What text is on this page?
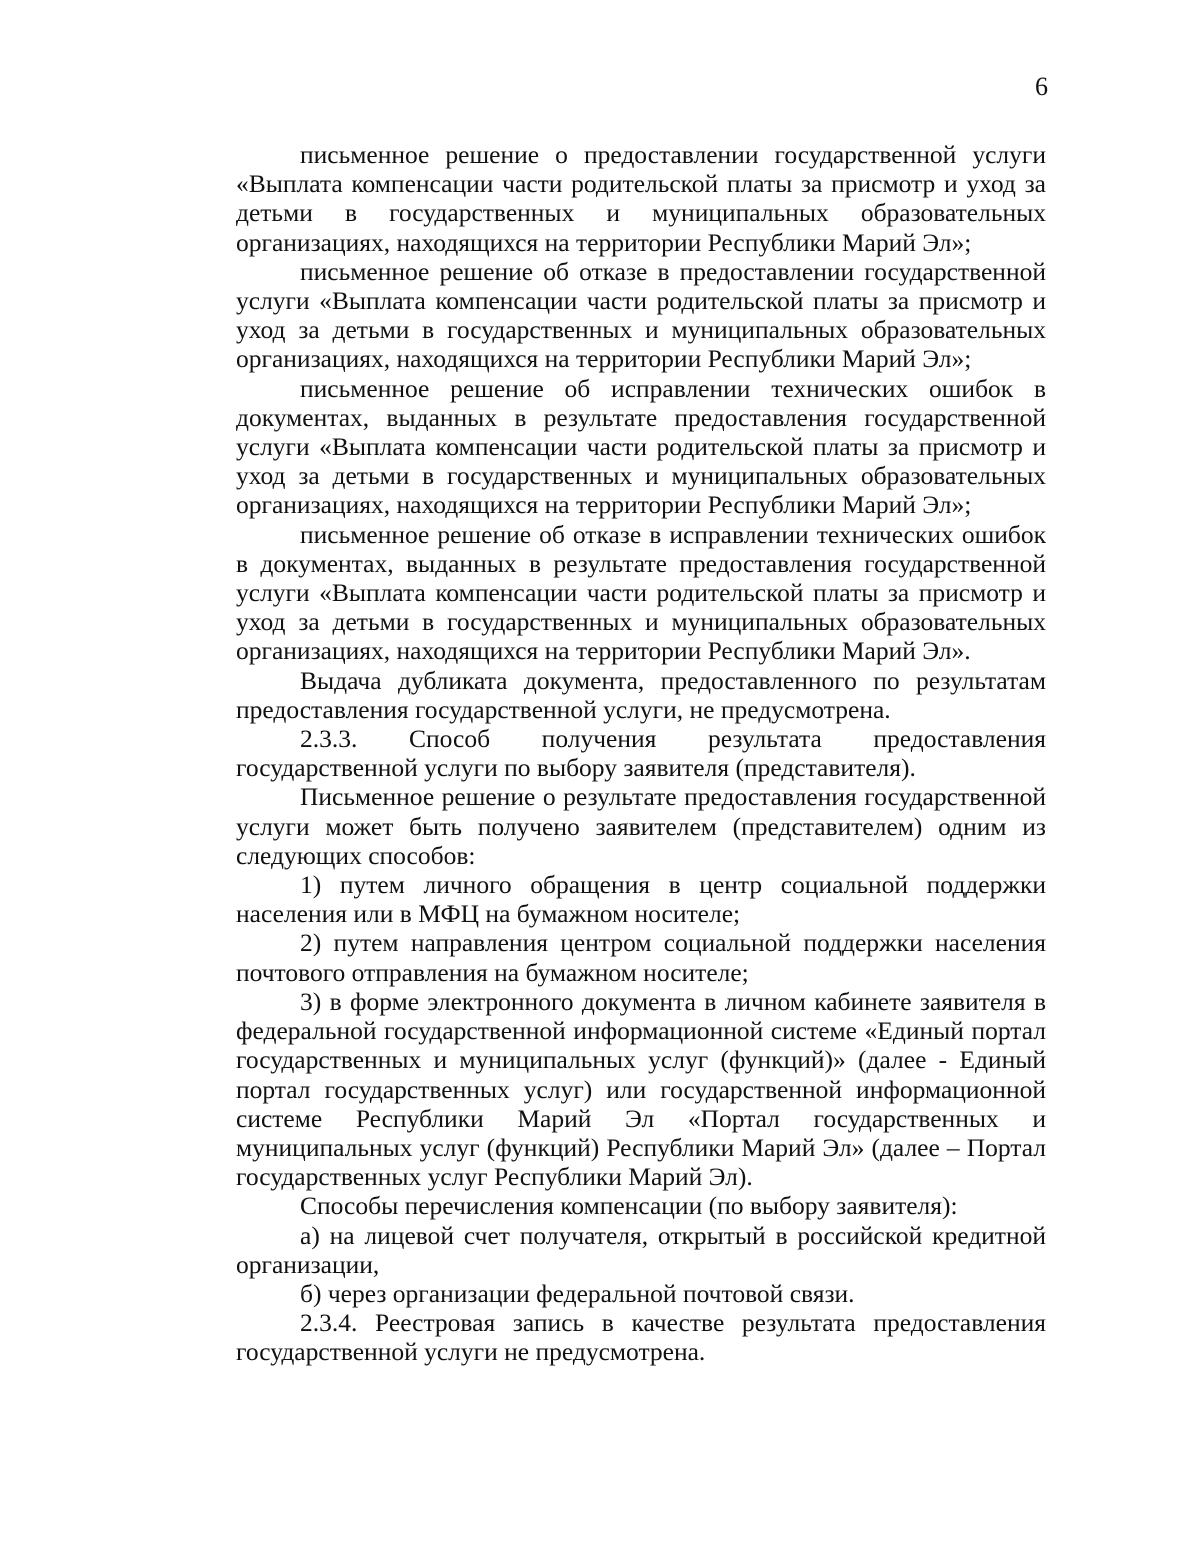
6

письменное решение о предоставлении государственной услуги «Выплата компенсации части родительской платы за присмотр и уход за детьми в государственных и муниципальных образовательных организациях, находящихся на территории Республики Марий Эл»;

письменное решение об отказе в предоставлении государственной услуги «Выплата компенсации части родительской платы за присмотр и уход за детьми в государственных и муниципальных образовательных организациях, находящихся на территории Республики Марий Эл»;

письменное решение об исправлении технических ошибок в документах, выданных в результате предоставления государственной услуги «Выплата компенсации части родительской платы за присмотр и уход за детьми в государственных и муниципальных образовательных организациях, находящихся на территории Республики Марий Эл»;

письменное решение об отказе в исправлении технических ошибок в документах, выданных в результате предоставления государственной услуги «Выплата компенсации части родительской платы за присмотр и уход за детьми в государственных и муниципальных образовательных организациях, находящихся на территории Республики Марий Эл».

Выдача дубликата документа, предоставленного по результатам предоставления государственной услуги, не предусмотрена.

2.3.3. Способ получения результата предоставления государственной услуги по выбору заявителя (представителя).

Письменное решение о результате предоставления государственной услуги может быть получено заявителем (представителем) одним из следующих способов:

1) путем личного обращения в центр социальной поддержки населения или в МФЦ на бумажном носителе;

2) путем направления центром социальной поддержки населения почтового отправления на бумажном носителе;

3) в форме электронного документа в личном кабинете заявителя в федеральной государственной информационной системе «Единый портал государственных и муниципальных услуг (функций)» (далее - Единый портал государственных услуг) или государственной информационной системе Республики Марий Эл «Портал государственных и муниципальных услуг (функций) Республики Марий Эл» (далее – Портал государственных услуг Республики Марий Эл).

Способы перечисления компенсации (по выбору заявителя):

а) на лицевой счет получателя, открытый в российской кредитной организации,

б) через организации федеральной почтовой связи.

2.3.4. Реестровая запись в качестве результата предоставления государственной услуги не предусмотрена.
